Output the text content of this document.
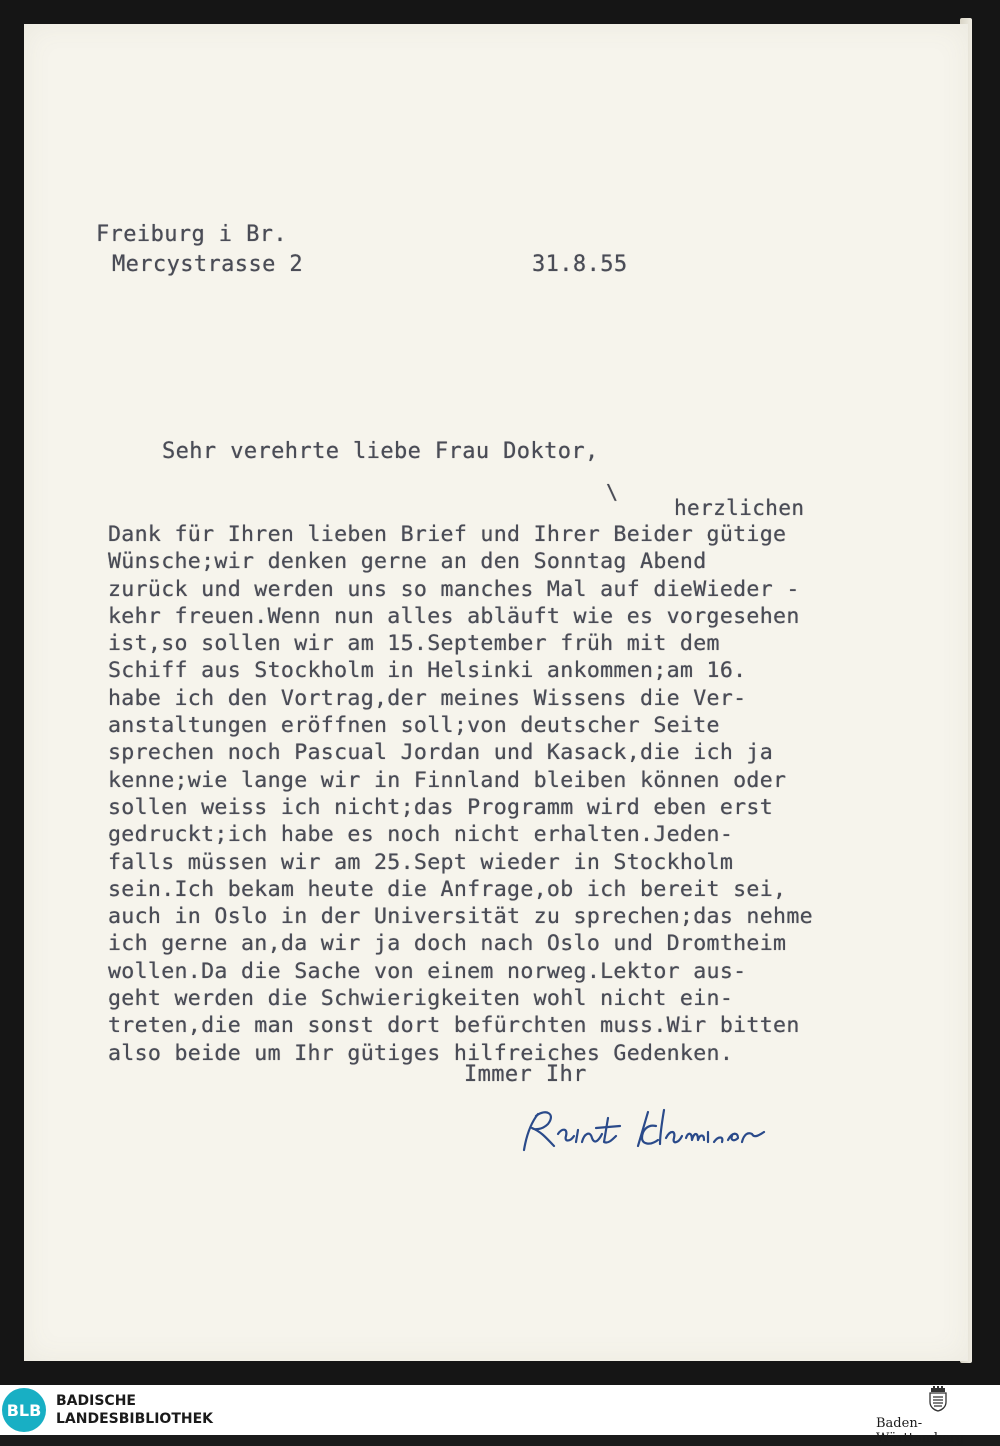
Freiburg i Br.
Mercystrasse 2	31.8.55
Sehr verehrte liebe Frau Doktor,
\
herzlichen
Dank für Ihren lieben Brief und Ihrer Beider gütige
Wünsche;wir denken gerne an den Sonntag Abend
zurück und werden uns so manches Mal auf dieWieder -
kehr freuen.Wenn nun alles abläuft wie es vorgesehen
ist,so sollen wir am 15.September früh mit dem
Schiff aus Stockholm in Helsinki ankommen;am 16.
habe ich den Vortrag,der meines Wissens die Ver-
anstaltungen eröffnen soll;von deutscher Seite
sprechen noch Pascual Jordan und Kasack,die ich ja
kenne;wie lange wir in Finnland bleiben können oder
sollen weiss ich nicht;das Programm wird eben erst
gedruckt;ich habe es noch nicht erhalten.Jeden-
falls müssen wir am 25.Sept wieder in Stockholm
sein.Ich bekam heute die Anfrage,ob ich bereit sei,
auch in Oslo in der Universität zu sprechen;das nehme
ich gerne an,da wir ja doch nach Oslo und Dromtheim
wollen.Da die Sache von einem norweg.Lektor aus-
geht werden die Schwierigkeiten wohl nicht ein-
treten,die man sonst dort befürchten muss.Wir bitten
also beide um Ihr gütiges hilfreiches Gedenken.
Immer Ihr
BLB	BADISCHE
LANDESBIBLIOTHEK	Baden-Württemberg
